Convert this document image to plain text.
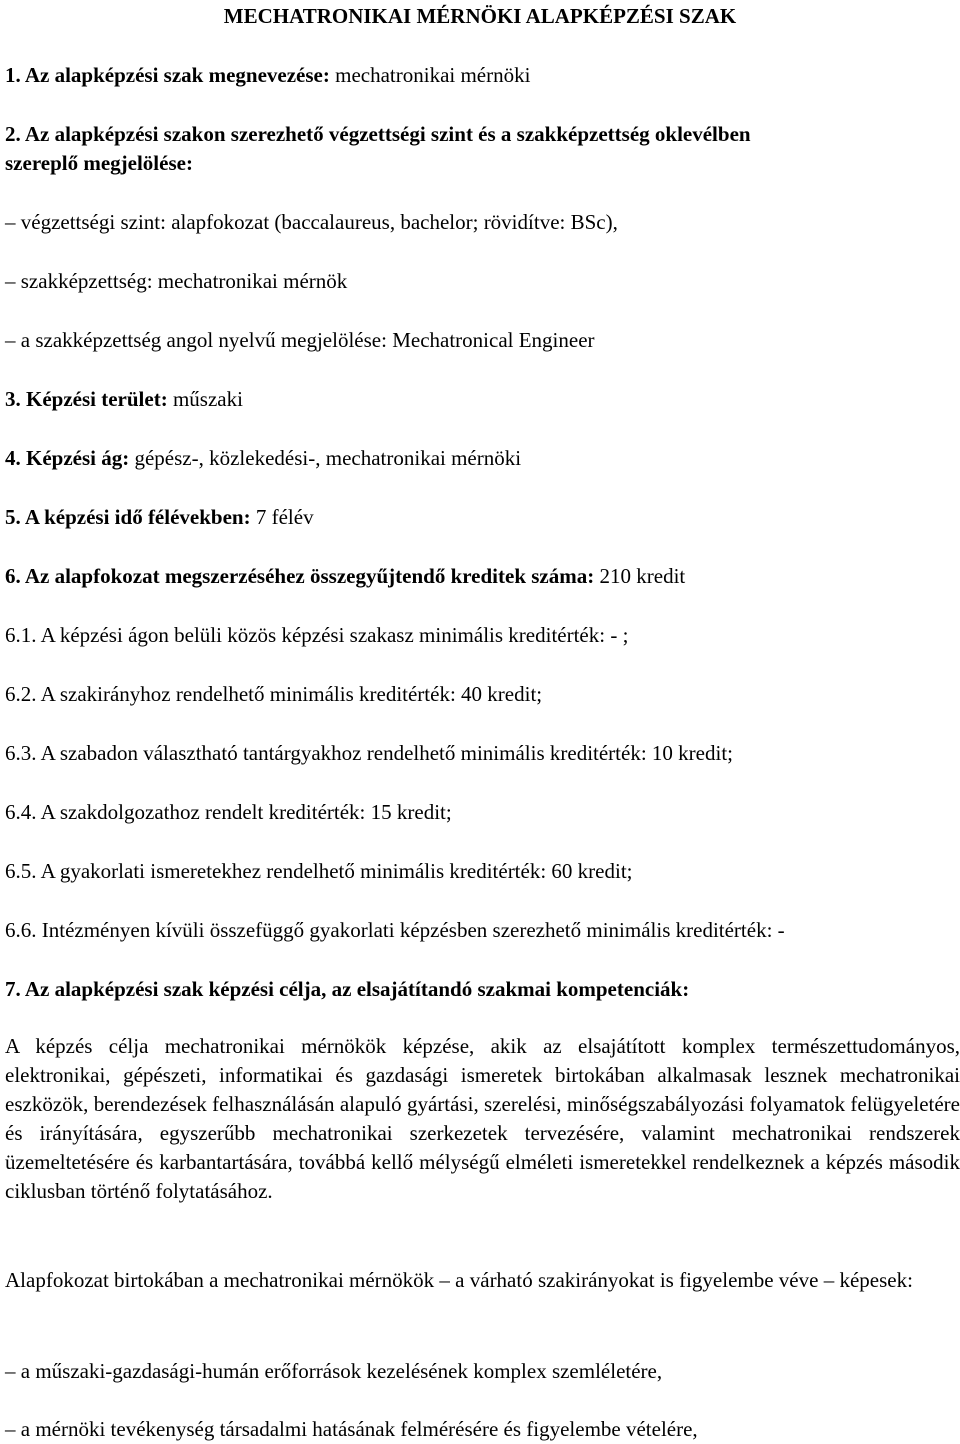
MECHATRONIKAI MÉRNÖKI ALAPKÉPZÉSI SZAK
1. Az alapképzési szak megnevezése: mechatronikai mérnöki
2. Az alapképzési szakon szerezhető végzettségi szint és a szakképzettség oklevélben
szereplő megjelölése:
– végzettségi szint: alapfokozat (baccalaureus, bachelor; rövidítve: BSc),
– szakképzettség: mechatronikai mérnök
– a szakképzettség angol nyelvű megjelölése: Mechatronical Engineer
3. Képzési terület: műszaki
4. Képzési ág: gépész-, közlekedési-, mechatronikai mérnöki
5. A képzési idő félévekben: 7 félév
6. Az alapfokozat megszerzéséhez összegyűjtendő kreditek száma: 210 kredit
6.1. A képzési ágon belüli közös képzési szakasz minimális kreditérték: - ;
6.2. A szakirányhoz rendelhető minimális kreditérték: 40 kredit;
6.3. A szabadon választható tantárgyakhoz rendelhető minimális kreditérték: 10 kredit;
6.4. A szakdolgozathoz rendelt kreditérték: 15 kredit;
6.5. A gyakorlati ismeretekhez rendelhető minimális kreditérték: 60 kredit;
6.6. Intézményen kívüli összefüggő gyakorlati képzésben szerezhető minimális kreditérték: -
7. Az alapképzési szak képzési célja, az elsajátítandó szakmai kompetenciák:
A képzés célja mechatronikai mérnökök képzése, akik az elsajátított komplex természettudományos, elektronikai, gépészeti, informatikai és gazdasági ismeretek birtokában alkalmasak lesznek mechatronikai eszközök, berendezések felhasználásán alapuló gyártási, szerelési, minőségszabályozási folyamatok felügyeletére és irányítására, egyszerűbb mechatronikai szerkezetek tervezésére, valamint mechatronikai rendszerek üzemeltetésére és karbantartására, továbbá kellő mélységű elméleti ismeretekkel rendelkeznek a képzés második ciklusban történő folytatásához.
Alapfokozat birtokában a mechatronikai mérnökök – a várható szakirányokat is figyelembe véve – képesek:
– a műszaki-gazdasági-humán erőforrások kezelésének komplex szemléletére,
– a mérnöki tevékenység társadalmi hatásának felmérésére és figyelembe vételére,
